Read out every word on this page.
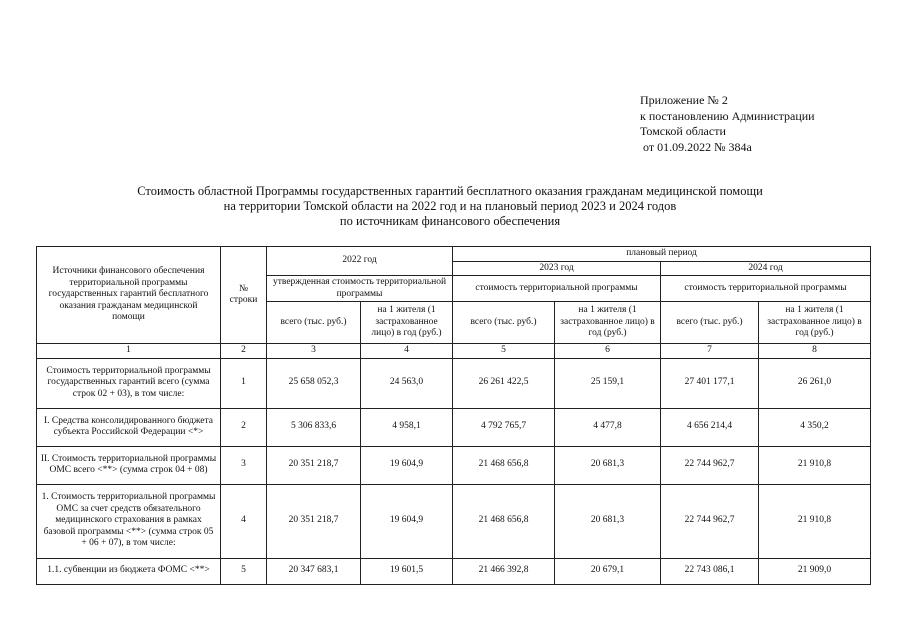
Приложение № 2
к постановлению Администрации
Томской области
от 01.09.2022 № 384а
Стоимость областной Программы государственных гарантий бесплатного оказания гражданам медицинской помощи
на территории Томской области на 2022 год и на плановый период 2023 и 2024 годов
по источникам финансового обеспечения
Источники финансового обеспечения территориальной программы государственных гарантий бесплатного оказания гражданам медицинской помощи	№ строки	2022 год		плановый период			
				2023 год		2024 год	
		утвержденная стоимость территориальной программы		стоимость территориальной программы		стоимость территориальной программы	
		всего (тыс. руб.)	на 1 жителя (1 застрахованное лицо) в год (руб.)	всего (тыс. руб.)	на 1 жителя (1 застрахованное лицо) в год (руб.)	всего (тыс. руб.)	на 1 жителя (1 застрахованное лицо) в год (руб.)
1	2	3	4	5	6	7	8
Стоимость территориальной программы государственных гарантий всего (сумма строк 02 + 03), в том числе:	1	25 658 052,3	24 563,0	26 261 422,5	25 159,1	27 401 177,1	26 261,0
I. Средства консолидированного бюджета субъекта Российской Федерации <*>	2	5 306 833,6	4 958,1	4 792 765,7	4 477,8	4 656 214,4	4 350,2
II. Стоимость территориальной программы ОМС всего <**> (сумма строк 04 + 08)	3	20 351 218,7	19 604,9	21 468 656,8	20 681,3	22 744 962,7	21 910,8
1. Стоимость территориальной программы ОМС за счет средств обязательного медицинского страхования в рамках базовой программы <**> (сумма строк 05 + 06 + 07), в том числе:	4	20 351 218,7	19 604,9	21 468 656,8	20 681,3	22 744 962,7	21 910,8
1.1. субвенции из бюджета ФОМС <**>	5	20 347 683,1	19 601,5	21 466 392,8	20 679,1	22 743 086,1	21 909,0
